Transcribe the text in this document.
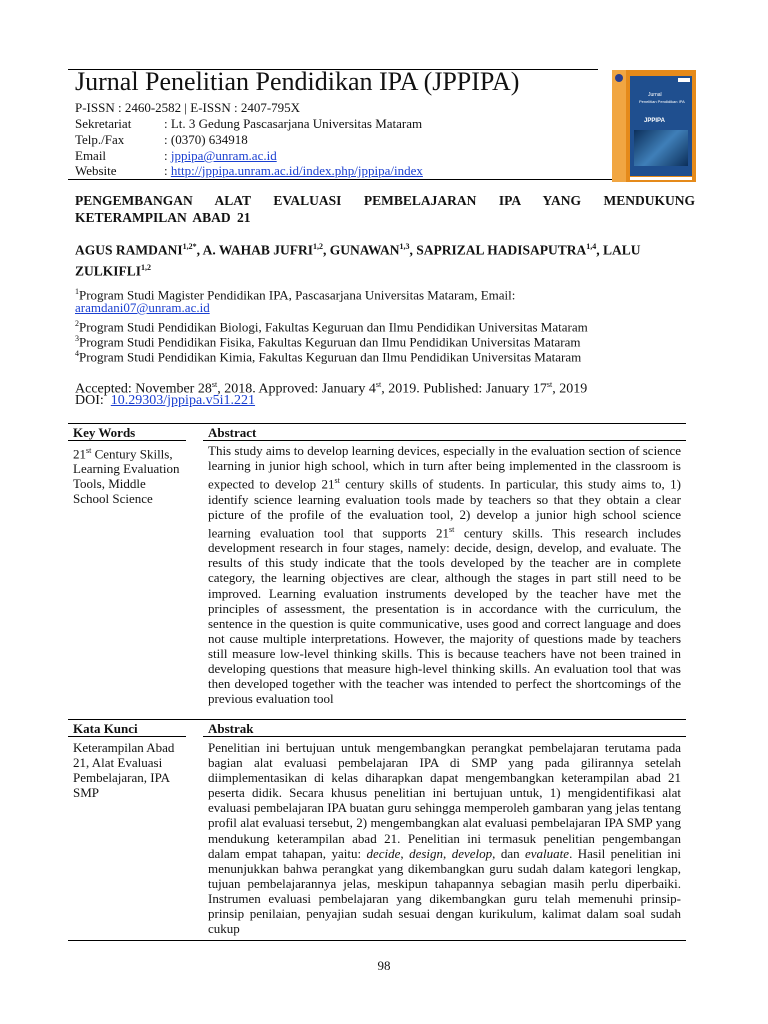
Jurnal Penelitian Pendidikan IPA (JPPIPA)
P-ISSN : 2460-2582 | E-ISSN : 2407-795X
Sekretariat	: Lt. 3 Gedung Pascasarjana Universitas Mataram
Telp./Fax	: (0370) 634918
Email	: jppipa@unram.ac.id
Website	: http://jppipa.unram.ac.id/index.php/jppipa/index
Jurnal
Penelitian Pendidikan IPA
JPPIPA
PENGEMBANGAN ALAT EVALUASI PEMBELAJARAN IPA YANG MENDUKUNG KETERAMPILAN ABAD 21
AGUS $RAMDANI^{1,2*}$, A. WAHAB JUFRI$^{1,2}$, GUNAWAN$^{1,3}$, SAPRIZAL HADISAPUTRA$^{1,4}$, LALU ZULKIFLI$^{1,2}$
$^1$Program Studi Magister Pendidikan IPA, Pascasarjana Universitas Mataram, Email:
aramdani07@unram.ac.id
$^2$Program Studi Pendidikan Biologi, Fakultas Keguruan dan Ilmu Pendidikan Universitas Mataram
$^3$Program Studi Pendidikan Fisika, Fakultas Keguruan dan Ilmu Pendidikan Universitas Mataram
$^4$Program Studi Pendidikan Kimia, Fakultas Keguruan dan Ilmu Pendidikan Universitas Mataram
Accepted: November 28st, 2018. Approved: January 4st, 2019. Published: January 17st, 2019
DOI: 10.29303/jppipa.v5i1.221
Key Words	Abstract
21st Century Skills, Learning Evaluation Tools, Middle School Science
This study aims to develop learning devices, especially in the evaluation section of science learning in junior high school, which in turn after being implemented in the classroom is expected to develop 21st century skills of students. In particular, this study aims to, 1) identify science learning evaluation tools made by teachers so that they obtain a clear picture of the profile of the evaluation tool, 2) develop a junior high school science learning evaluation tool that supports 21st century skills. This research includes development research in four stages, namely: decide, design, develop, and evaluate. The results of this study indicate that the tools developed by the teacher are in complete category, the learning objectives are clear, although the stages in part still need to be improved. Learning evaluation instruments developed by the teacher have met the principles of assessment, the presentation is in accordance with the curriculum, the sentence in the question is quite communicative, uses good and correct language and does not cause multiple interpretations. However, the majority of questions made by teachers still measure low-level thinking skills. This is because teachers have not been trained in developing questions that measure high-level thinking skills. An evaluation tool that was then developed together with the teacher was intended to perfect the shortcomings of the previous evaluation tool
Kata Kunci	Abstrak
Keterampilan Abad 21, Alat Evaluasi Pembelajaran, IPA SMP
Penelitian ini bertujuan untuk mengembangkan perangkat pembelajaran terutama pada bagian alat evaluasi pembelajaran IPA di SMP yang pada gilirannya setelah diimplementasikan di kelas diharapkan dapat mengembangkan keterampilan abad 21 peserta didik. Secara khusus penelitian ini bertujuan untuk, 1) mengidentifikasi alat evaluasi pembelajaran IPA buatan guru sehingga memperoleh gambaran yang jelas tentang profil alat evaluasi tersebut, 2) mengembangkan alat evaluasi pembelajaran IPA SMP yang mendukung keterampilan abad 21. Penelitian ini termasuk penelitian pengembangan dalam empat tahapan, yaitu: decide, design, develop, dan evaluate. Hasil penelitian ini menunjukkan bahwa perangkat yang dikembangkan guru sudah dalam kategori lengkap, tujuan pembelajarannya jelas, meskipun tahapannya sebagian masih perlu diperbaiki. Instrumen evaluasi pembelajaran yang dikembangkan guru telah memenuhi prinsip-prinsip penilaian, penyajian sudah sesuai dengan kurikulum, kalimat dalam soal sudah cukup
98
